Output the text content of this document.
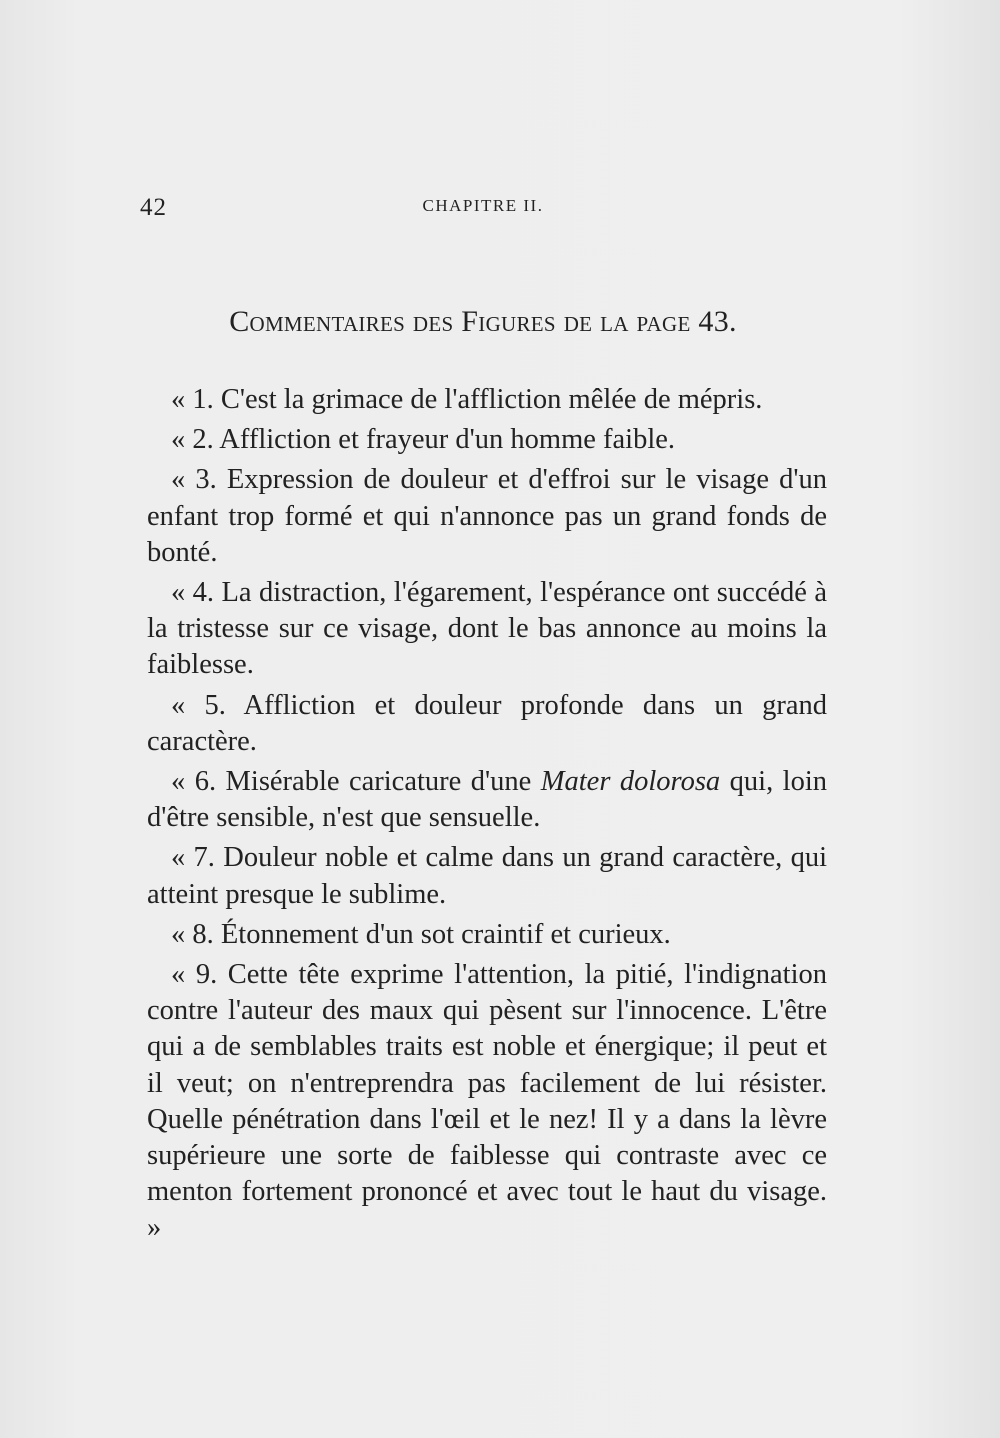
42	CHAPITRE II.
Commentaires des Figures de la page 43.

« 1. C'est la grimace de l'affliction mêlée de mépris.

« 2. Affliction et frayeur d'un homme faible.

« 3. Expression de douleur et d'effroi sur le visage d'un enfant trop formé et qui n'annonce pas un grand fonds de bonté.

« 4. La distraction, l'égarement, l'espérance ont succédé à la tristesse sur ce visage, dont le bas annonce au moins la faiblesse.

« 5. Affliction et douleur profonde dans un grand caractère.

« 6. Misérable caricature d'une Mater dolorosa qui, loin d'être sensible, n'est que sensuelle.

« 7. Douleur noble et calme dans un grand caractère, qui atteint presque le sublime.

« 8. Étonnement d'un sot craintif et curieux.

« 9. Cette tête exprime l'attention, la pitié, l'indignation contre l'auteur des maux qui pèsent sur l'innocence. L'être qui a de semblables traits est noble et énergique; il peut et il veut; on n'entreprendra pas facilement de lui résister. Quelle pénétration dans l'œil et le nez! Il y a dans la lèvre supérieure une sorte de faiblesse qui contraste avec ce menton fortement prononcé et avec tout le haut du visage. »
